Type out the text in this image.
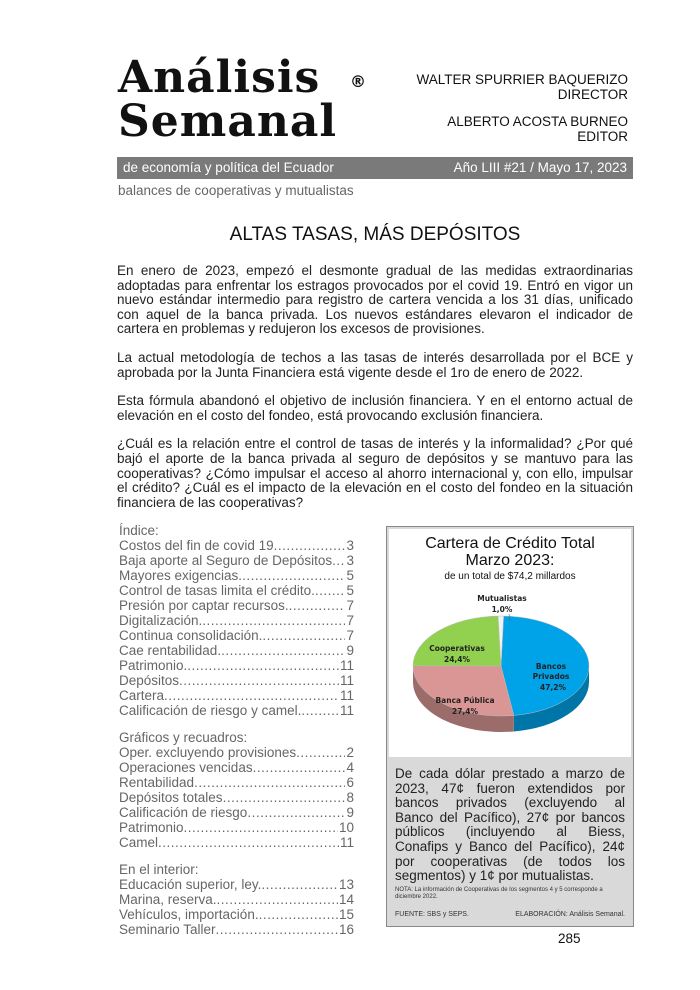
Análisis
Semanal
®	WALTER SPURRIER BAQUERIZO
DIRECTOR
ALBERTO ACOSTA BURNEO
EDITOR
de economía y política del Ecuador	Año LIII #21 / Mayo 17, 2023
balances de cooperativas y mutualistas
ALTAS TASAS, MÁS DEPÓSITOS

En enero de 2023, empezó el desmonte gradual de las medidas extraordinarias adoptadas para enfrentar los estragos provocados por el covid 19. Entró en vigor un nuevo estándar intermedio para registro de cartera vencida a los 31 días, unificado con aquel de la banca privada. Los nuevos estándares elevaron el indicador de cartera en problemas y redujeron los excesos de provisiones.

La actual metodología de techos a las tasas de interés desarrollada por el BCE y aprobada por la Junta Financiera está vigente desde el 1ro de enero de 2022.

Esta fórmula abandonó el objetivo de inclusión financiera. Y en el entorno actual de elevación en el costo del fondeo, está provocando exclusión financiera.

¿Cuál es la relación entre el control de tasas de interés y la informalidad? ¿Por qué bajó el aporte de la banca privada al seguro de depósitos y se mantuvo para las cooperativas? ¿Cómo impulsar el acceso al ahorro internacional y, con ello, impulsar el crédito? ¿Cuál es el impacto de la elevación en el costo del fondeo en la situación financiera de las cooperativas?

Índice:
Costos del fin de covid 19 .....	3
Baja aporte al Seguro de Depósitos ..... 3
Mayores exigencias. .....	5
Control de tasas limita el crédito. ..... 5
Presión por captar recursos. .....	7
Digitalización. .....	7
Continua consolidación. .....	7
Cae rentabilidad. .....	9
Patrimonio. .....	11
Depósitos .....	11
Cartera .....	11
Calificación de riesgo y camel. .....	11
Gráficos y recuadros:
Oper. excluyendo provisiones .....	2
Operaciones vencidas .....	4
Rentabilidad .....	6
Depósitos totales .....	8
Calificación de riesgo .....	9
Patrimonio .....	10
Camel .....	11
En el interior:
Educación superior, ley. .....	13
Marina, reserva. .....	14
Vehículos, importación. .....	15
Seminario Taller .....	16
Cartera de Crédito Total
Marzo 2023:
de un total de $74,2 millardos
Bancos
Privados
47,2%
Banca Pública
27,4%
Cooperativas
24,4%
Mutualistas
1,0%
De cada dólar prestado a marzo de 2023, 47¢ fueron extendidos por bancos privados (excluyendo al Banco del Pacífico), 27¢ por bancos públicos (incluyendo al Biess, Conafips y Banco del Pacífico), 24¢ por cooperativas (de todos los segmentos) y 1¢ por mutualistas.
NOTA: La información de Cooperativas de los segmentos 4 y 5 corresponde a diciembre 2022.
FUENTE: SBS y SEPS.	ELABORACIÓN: Análisis Semanal.
285
